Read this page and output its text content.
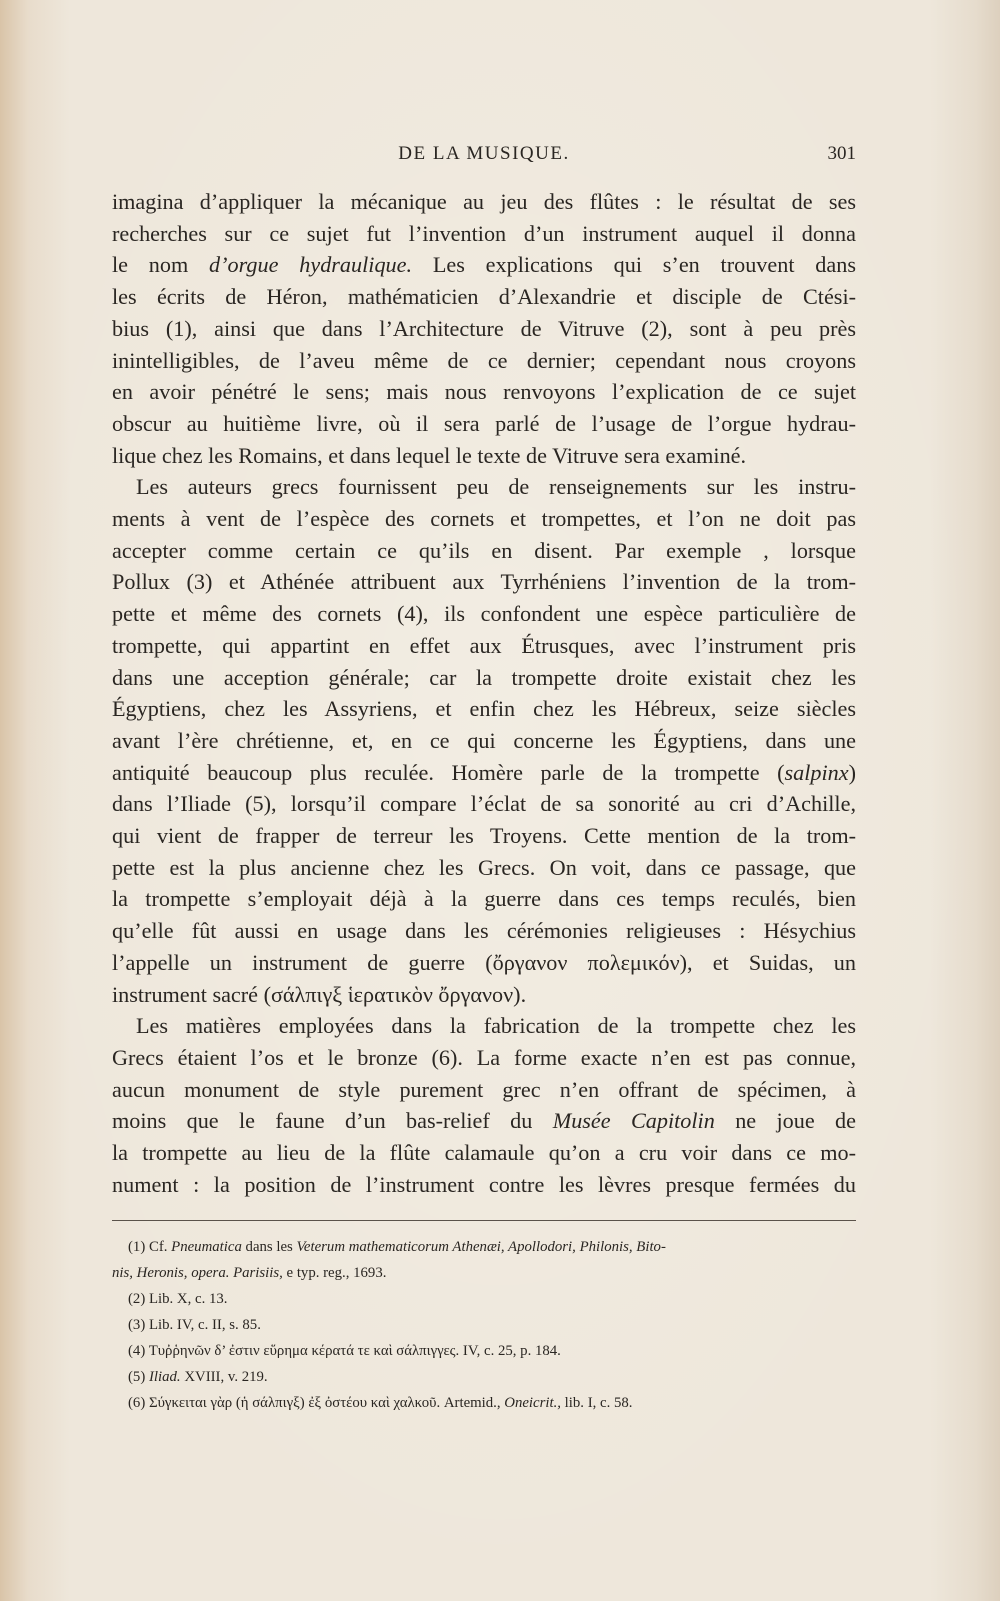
DE LA MUSIQUE.	301
imagina d’appliquer la mécanique au jeu des flûtes : le résultat de ses
recherches sur ce sujet fut l’invention d’un instrument auquel il donna
le nom d’orgue hydraulique. Les explications qui s’en trouvent dans
les écrits de Héron, mathématicien d’Alexandrie et disciple de Ctési-
bius (1), ainsi que dans l’Architecture de Vitruve (2), sont à peu près
inintelligibles, de l’aveu même de ce dernier; cependant nous croyons
en avoir pénétré le sens; mais nous renvoyons l’explication de ce sujet
obscur au huitième livre, où il sera parlé de l’usage de l’orgue hydrau-
lique chez les Romains, et dans lequel le texte de Vitruve sera examiné.
Les auteurs grecs fournissent peu de renseignements sur les instru-
ments à vent de l’espèce des cornets et trompettes, et l’on ne doit pas
accepter comme certain ce qu’ils en disent. Par exemple , lorsque
Pollux (3) et Athénée attribuent aux Tyrrhéniens l’invention de la trom-
pette et même des cornets (4), ils confondent une espèce particulière de
trompette, qui appartint en effet aux Étrusques, avec l’instrument pris
dans une acception générale; car la trompette droite existait chez les
Égyptiens, chez les Assyriens, et enfin chez les Hébreux, seize siècles
avant l’ère chrétienne, et, en ce qui concerne les Égyptiens, dans une
antiquité beaucoup plus reculée. Homère parle de la trompette (salpinx)
dans l’Iliade (5), lorsqu’il compare l’éclat de sa sonorité au cri d’Achille,
qui vient de frapper de terreur les Troyens. Cette mention de la trom-
pette est la plus ancienne chez les Grecs. On voit, dans ce passage, que
la trompette s’employait déjà à la guerre dans ces temps reculés, bien
qu’elle fût aussi en usage dans les cérémonies religieuses : Hésychius
l’appelle un instrument de guerre (ὄργανον πολεμικόν), et Suidas, un
instrument sacré (σάλπιγξ ἱερατικὸν ὄργανον).
Les matières employées dans la fabrication de la trompette chez les
Grecs étaient l’os et le bronze (6). La forme exacte n’en est pas connue,
aucun monument de style purement grec n’en offrant de spécimen, à
moins que le faune d’un bas-relief du Musée Capitolin ne joue de
la trompette au lieu de la flûte calamaule qu’on a cru voir dans ce mo-
nument : la position de l’instrument contre les lèvres presque fermées du
(1) Cf. Pneumatica dans les Veterum mathematicorum Athenæi, Apollodori, Philonis, Bito-
nis, Heronis, opera. Parisiis, e typ. reg., 1693.
(2) Lib. X, c. 13.
(3) Lib. IV, c. II, s. 85.
(4) Τυῤῥηνῶν δ’ ἐστιν εὕρημα κέρατά τε καὶ σάλπιγγες. IV, c. 25, p. 184.
(5) Iliad. XVIII, v. 219.
(6) Σύγκειται γὰρ (ἡ σάλπιγξ) ἐξ ὀστέου καὶ χαλκοῦ. Artemid., Oneicrit., lib. I, c. 58.
